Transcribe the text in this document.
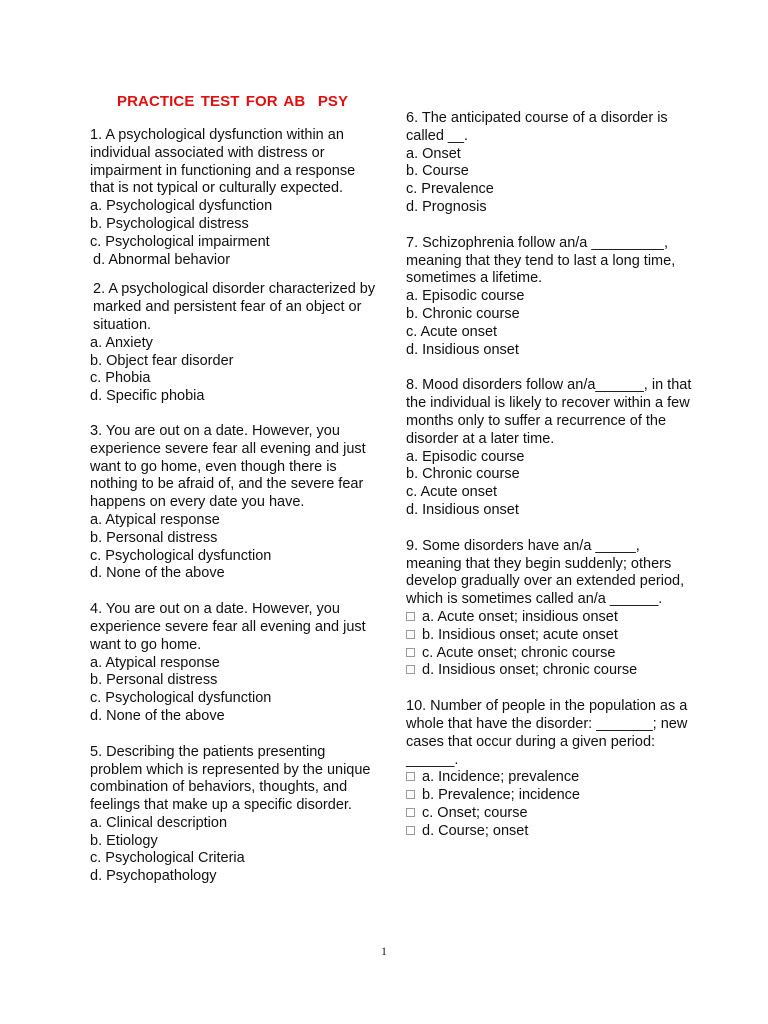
PRACTICE TEST FOR AB  PSY
1. A psychological dysfunction within an individual associated with distress or impairment in functioning and a response that is not typical or culturally expected.
a. Psychological dysfunction
b. Psychological distress
c. Psychological impairment
d. Abnormal behavior
2. A psychological disorder characterized by marked and persistent fear of an object or situation.
a. Anxiety
b. Object fear disorder
c. Phobia
d. Specific phobia
3. You are out on a date. However, you experience severe fear all evening and just want to go home, even though there is nothing to be afraid of, and the severe fear happens on every date you have.
a. Atypical response
b. Personal distress
c. Psychological dysfunction
d. None of the above
4. You are out on a date. However, you experience severe fear all evening and just want to go home.
a. Atypical response
b. Personal distress
c. Psychological dysfunction
d. None of the above
5. Describing the patients presenting problem which is represented by the unique combination of behaviors, thoughts, and feelings that make up a specific disorder.
a. Clinical description
b. Etiology
c. Psychological Criteria
d. Psychopathology
6. The anticipated course of a disorder is called __.
a. Onset
b. Course
c. Prevalence
d. Prognosis
7. Schizophrenia follow an/a _________, meaning that they tend to last a long time, sometimes a lifetime.
a. Episodic course
b. Chronic course
c. Acute onset
d. Insidious onset
8. Mood disorders follow an/a______, in that the individual is likely to recover within a few months only to suffer a recurrence of the disorder at a later time.
a. Episodic course
b. Chronic course
c. Acute onset
d. Insidious onset
9. Some disorders have an/a _____, meaning that they begin suddenly; others develop gradually over an extended period, which is sometimes called an/a ______.
a. Acute onset; insidious onset
b. Insidious onset; acute onset
c. Acute onset; chronic course
d. Insidious onset; chronic course
10. Number of people in the population as a whole that have the disorder: _______; new cases that occur during a given period: ______.
a. Incidence; prevalence
b. Prevalence; incidence
c. Onset; course
d. Course; onset
1
